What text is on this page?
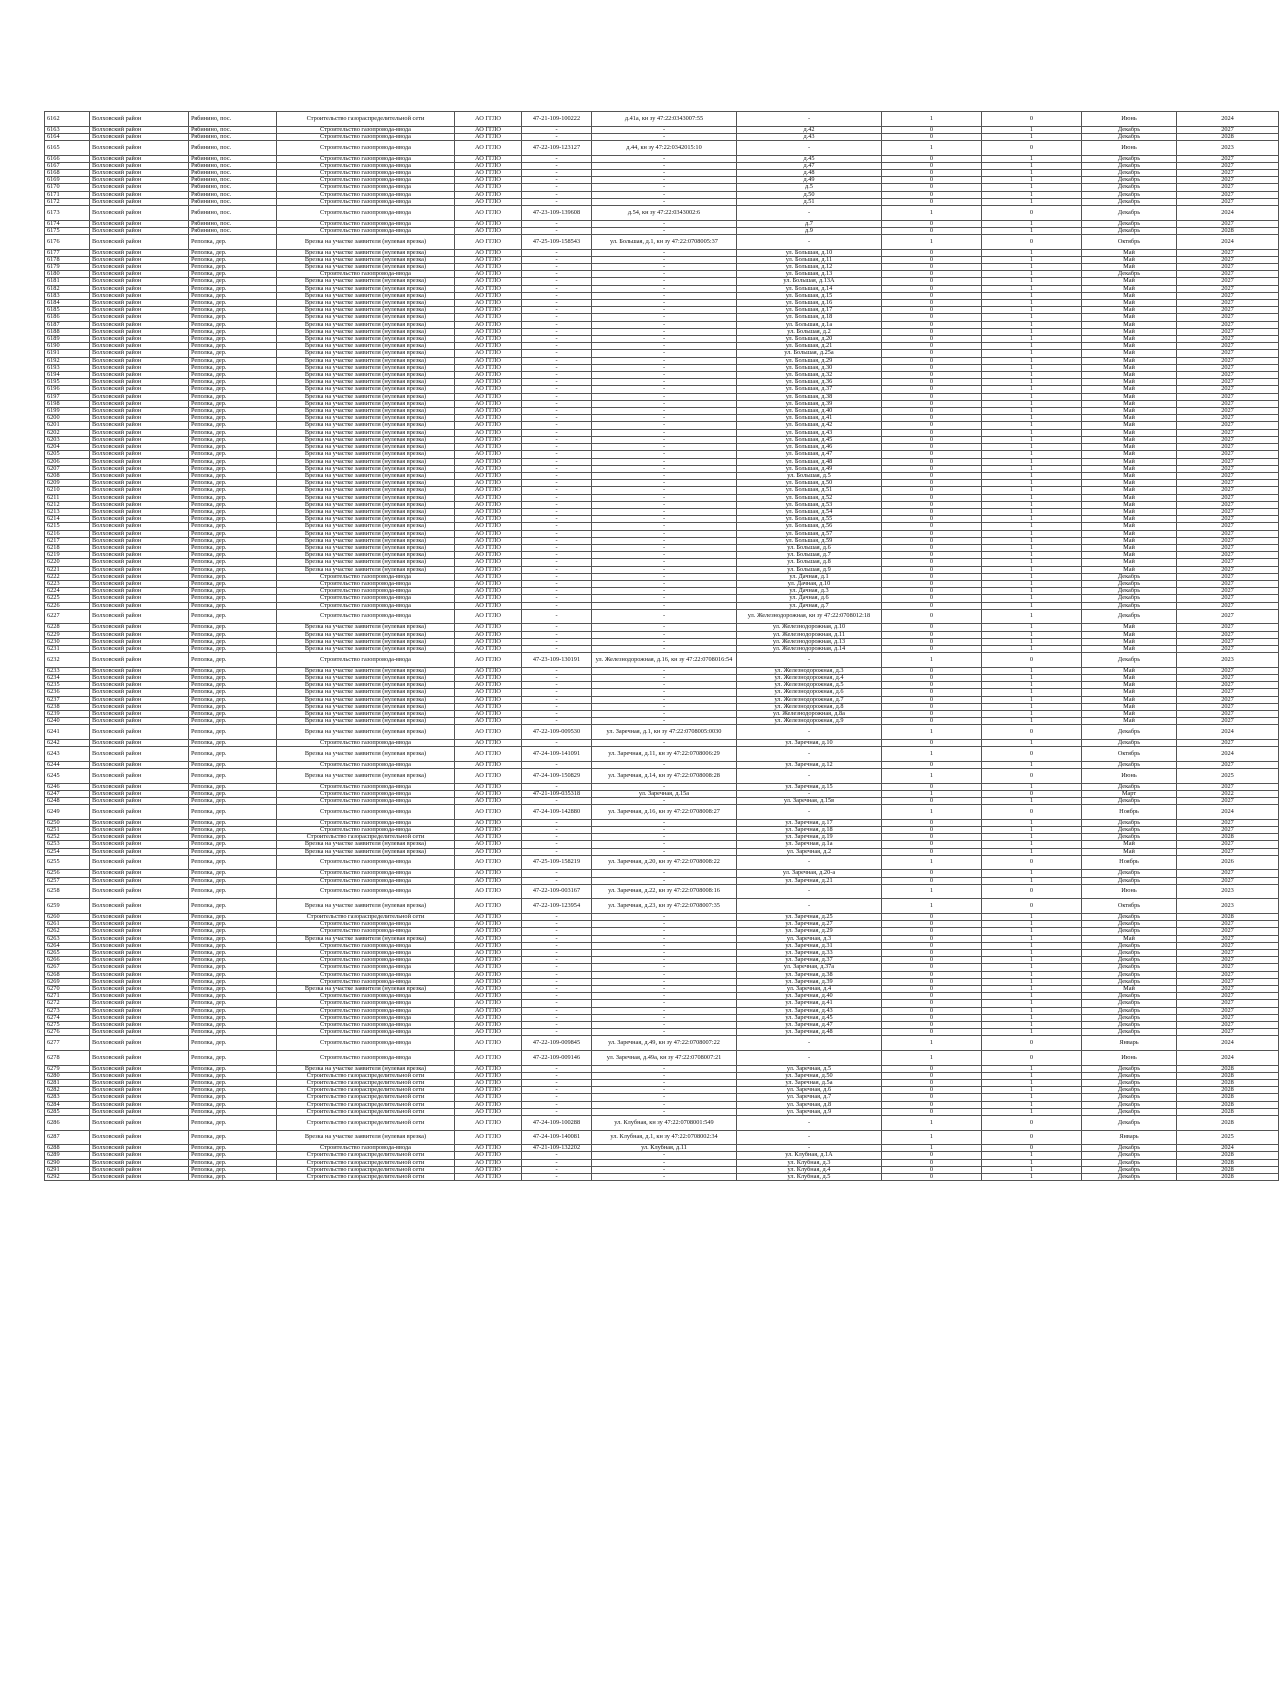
6162	Волховский район	Рябинино, пос.	Строительство газораспределительной сети	АО ГГЛО	47-21-109-100222	д.41а, кн зу 47:22:0343007:55	-	1	0	Июнь	2024
6163	Волховский район	Рябинино, пос.	Строительство газопровода-ввода	АО ГГЛО	-	-	д.42	0	1	Декабрь	2027
6164	Волховский район	Рябинино, пос.	Строительство газопровода-ввода	АО ГГЛО	-	-	д.43	0	1	Декабрь	2028
6165	Волховский район	Рябинино, пос.	Строительство газопровода-ввода	АО ГГЛО	47-22-109-123127	д.44, кн зу 47:22:0342015:10	-	1	0	Июнь	2023
6166	Волховский район	Рябинино, пос.	Строительство газопровода-ввода	АО ГГЛО	-	-	д.45	0	1	Декабрь	2027
6167	Волховский район	Рябинино, пос.	Строительство газопровода-ввода	АО ГГЛО	-	-	д.47	0	1	Декабрь	2027
6168	Волховский район	Рябинино, пос.	Строительство газопровода-ввода	АО ГГЛО	-	-	д.48	0	1	Декабрь	2027
6169	Волховский район	Рябинино, пос.	Строительство газопровода-ввода	АО ГГЛО	-	-	д.49	0	1	Декабрь	2027
6170	Волховский район	Рябинино, пос.	Строительство газопровода-ввода	АО ГГЛО	-	-	д.5	0	1	Декабрь	2027
6171	Волховский район	Рябинино, пос.	Строительство газопровода-ввода	АО ГГЛО	-	-	д.50	0	1	Декабрь	2027
6172	Волховский район	Рябинино, пос.	Строительство газопровода-ввода	АО ГГЛО	-	-	д.51	0	1	Декабрь	2027
6173	Волховский район	Рябинино, пос.	Строительство газопровода-ввода	АО ГГЛО	47-23-109-139608	д.54, кн зу 47:22:0343002:6	-	1	0	Декабрь	2024
6174	Волховский район	Рябинино, пос.	Строительство газопровода-ввода	АО ГГЛО	-	-	д.7	0	1	Декабрь	2027
6175	Волховский район	Рябинино, пос.	Строительство газопровода-ввода	АО ГГЛО	-	-	д.9	0	1	Декабрь	2028
6176	Волховский район	Реполка, дер.	Врезка на участке заявителя (нулевая врезка)	АО ГГЛО	47-25-109-158543	ул. Большая, д.1, кн зу 47:22:0708005:37	-	1	0	Октябрь	2024
6177	Волховский район	Реполка, дер.	Врезка на участке заявителя (нулевая врезка)	АО ГГЛО	-	-	ул. Большая, д.10	0	1	Май	2027
6178	Волховский район	Реполка, дер.	Врезка на участке заявителя (нулевая врезка)	АО ГГЛО	-	-	ул. Большая, д.11	0	1	Май	2027
6179	Волховский район	Реполка, дер.	Врезка на участке заявителя (нулевая врезка)	АО ГГЛО	-	-	ул. Большая, д.12	0	1	Май	2027
6180	Волховский район	Реполка, дер.	Строительство газопровода-ввода	АО ГГЛО	-	-	ул. Большая, д.13	0	1	Декабрь	2027
6181	Волховский район	Реполка, дер.	Врезка на участке заявителя (нулевая врезка)	АО ГГЛО	-	-	ул. Большая, д.13А	0	1	Май	2027
6182	Волховский район	Реполка, дер.	Врезка на участке заявителя (нулевая врезка)	АО ГГЛО	-	-	ул. Большая, д.14	0	1	Май	2027
6183	Волховский район	Реполка, дер.	Врезка на участке заявителя (нулевая врезка)	АО ГГЛО	-	-	ул. Большая, д.15	0	1	Май	2027
6184	Волховский район	Реполка, дер.	Врезка на участке заявителя (нулевая врезка)	АО ГГЛО	-	-	ул. Большая, д.16	0	1	Май	2027
6185	Волховский район	Реполка, дер.	Врезка на участке заявителя (нулевая врезка)	АО ГГЛО	-	-	ул. Большая, д.17	0	1	Май	2027
6186	Волховский район	Реполка, дер.	Врезка на участке заявителя (нулевая врезка)	АО ГГЛО	-	-	ул. Большая, д.18	0	1	Май	2027
6187	Волховский район	Реполка, дер.	Врезка на участке заявителя (нулевая врезка)	АО ГГЛО	-	-	ул. Большая, д.1а	0	1	Май	2027
6188	Волховский район	Реполка, дер.	Врезка на участке заявителя (нулевая врезка)	АО ГГЛО	-	-	ул. Большая, д.2	0	1	Май	2027
6189	Волховский район	Реполка, дер.	Врезка на участке заявителя (нулевая врезка)	АО ГГЛО	-	-	ул. Большая, д.20	0	1	Май	2027
6190	Волховский район	Реполка, дер.	Врезка на участке заявителя (нулевая врезка)	АО ГГЛО	-	-	ул. Большая, д.21	0	1	Май	2027
6191	Волховский район	Реполка, дер.	Врезка на участке заявителя (нулевая врезка)	АО ГГЛО	-	-	ул. Большая, д.25а	0	1	Май	2027
6192	Волховский район	Реполка, дер.	Врезка на участке заявителя (нулевая врезка)	АО ГГЛО	-	-	ул. Большая, д.29	0	1	Май	2027
6193	Волховский район	Реполка, дер.	Врезка на участке заявителя (нулевая врезка)	АО ГГЛО	-	-	ул. Большая, д.30	0	1	Май	2027
6194	Волховский район	Реполка, дер.	Врезка на участке заявителя (нулевая врезка)	АО ГГЛО	-	-	ул. Большая, д.32	0	1	Май	2027
6195	Волховский район	Реполка, дер.	Врезка на участке заявителя (нулевая врезка)	АО ГГЛО	-	-	ул. Большая, д.36	0	1	Май	2027
6196	Волховский район	Реполка, дер.	Врезка на участке заявителя (нулевая врезка)	АО ГГЛО	-	-	ул. Большая, д.37	0	1	Май	2027
6197	Волховский район	Реполка, дер.	Врезка на участке заявителя (нулевая врезка)	АО ГГЛО	-	-	ул. Большая, д.38	0	1	Май	2027
6198	Волховский район	Реполка, дер.	Врезка на участке заявителя (нулевая врезка)	АО ГГЛО	-	-	ул. Большая, д.39	0	1	Май	2027
6199	Волховский район	Реполка, дер.	Врезка на участке заявителя (нулевая врезка)	АО ГГЛО	-	-	ул. Большая, д.40	0	1	Май	2027
6200	Волховский район	Реполка, дер.	Врезка на участке заявителя (нулевая врезка)	АО ГГЛО	-	-	ул. Большая, д.41	0	1	Май	2027
6201	Волховский район	Реполка, дер.	Врезка на участке заявителя (нулевая врезка)	АО ГГЛО	-	-	ул. Большая, д.42	0	1	Май	2027
6202	Волховский район	Реполка, дер.	Врезка на участке заявителя (нулевая врезка)	АО ГГЛО	-	-	ул. Большая, д.43	0	1	Май	2027
6203	Волховский район	Реполка, дер.	Врезка на участке заявителя (нулевая врезка)	АО ГГЛО	-	-	ул. Большая, д.45	0	1	Май	2027
6204	Волховский район	Реполка, дер.	Врезка на участке заявителя (нулевая врезка)	АО ГГЛО	-	-	ул. Большая, д.46	0	1	Май	2027
6205	Волховский район	Реполка, дер.	Врезка на участке заявителя (нулевая врезка)	АО ГГЛО	-	-	ул. Большая, д.47	0	1	Май	2027
6206	Волховский район	Реполка, дер.	Врезка на участке заявителя (нулевая врезка)	АО ГГЛО	-	-	ул. Большая, д.48	0	1	Май	2027
6207	Волховский район	Реполка, дер.	Врезка на участке заявителя (нулевая врезка)	АО ГГЛО	-	-	ул. Большая, д.49	0	1	Май	2027
6208	Волховский район	Реполка, дер.	Врезка на участке заявителя (нулевая врезка)	АО ГГЛО	-	-	ул. Большая, д.5	0	1	Май	2027
6209	Волховский район	Реполка, дер.	Врезка на участке заявителя (нулевая врезка)	АО ГГЛО	-	-	ул. Большая, д.50	0	1	Май	2027
6210	Волховский район	Реполка, дер.	Врезка на участке заявителя (нулевая врезка)	АО ГГЛО	-	-	ул. Большая, д.51	0	1	Май	2027
6211	Волховский район	Реполка, дер.	Врезка на участке заявителя (нулевая врезка)	АО ГГЛО	-	-	ул. Большая, д.52	0	1	Май	2027
6212	Волховский район	Реполка, дер.	Врезка на участке заявителя (нулевая врезка)	АО ГГЛО	-	-	ул. Большая, д.53	0	1	Май	2027
6213	Волховский район	Реполка, дер.	Врезка на участке заявителя (нулевая врезка)	АО ГГЛО	-	-	ул. Большая, д.54	0	1	Май	2027
6214	Волховский район	Реполка, дер.	Врезка на участке заявителя (нулевая врезка)	АО ГГЛО	-	-	ул. Большая, д.55	0	1	Май	2027
6215	Волховский район	Реполка, дер.	Врезка на участке заявителя (нулевая врезка)	АО ГГЛО	-	-	ул. Большая, д.56	0	1	Май	2027
6216	Волховский район	Реполка, дер.	Врезка на участке заявителя (нулевая врезка)	АО ГГЛО	-	-	ул. Большая, д.57	0	1	Май	2027
6217	Волховский район	Реполка, дер.	Врезка на участке заявителя (нулевая врезка)	АО ГГЛО	-	-	ул. Большая, д.59	0	1	Май	2027
6218	Волховский район	Реполка, дер.	Врезка на участке заявителя (нулевая врезка)	АО ГГЛО	-	-	ул. Большая, д.6	0	1	Май	2027
6219	Волховский район	Реполка, дер.	Врезка на участке заявителя (нулевая врезка)	АО ГГЛО	-	-	ул. Большая, д.7	0	1	Май	2027
6220	Волховский район	Реполка, дер.	Врезка на участке заявителя (нулевая врезка)	АО ГГЛО	-	-	ул. Большая, д.8	0	1	Май	2027
6221	Волховский район	Реполка, дер.	Врезка на участке заявителя (нулевая врезка)	АО ГГЛО	-	-	ул. Большая, д.9	0	1	Май	2027
6222	Волховский район	Реполка, дер.	Строительство газопровода-ввода	АО ГГЛО	-	-	ул. Дачная, д.1	0	1	Декабрь	2027
6223	Волховский район	Реполка, дер.	Строительство газопровода-ввода	АО ГГЛО	-	-	ул. Дачная, д.10	0	1	Декабрь	2027
6224	Волховский район	Реполка, дер.	Строительство газопровода-ввода	АО ГГЛО	-	-	ул. Дачная, д.3	0	1	Декабрь	2027
6225	Волховский район	Реполка, дер.	Строительство газопровода-ввода	АО ГГЛО	-	-	ул. Дачная, д.6	0	1	Декабрь	2027
6226	Волховский район	Реполка, дер.	Строительство газопровода-ввода	АО ГГЛО	-	-	ул. Дачная, д.7	0	1	Декабрь	2027
6227	Волховский район	Реполка, дер.	Строительство газопровода-ввода	АО ГГЛО	-	-	ул. Железнодорожная, кн зу 47:22:0708012:18	0	1	Декабрь	2027
6228	Волховский район	Реполка, дер.	Врезка на участке заявителя (нулевая врезка)	АО ГГЛО	-	-	ул. Железнодорожная, д.10	0	1	Май	2027
6229	Волховский район	Реполка, дер.	Врезка на участке заявителя (нулевая врезка)	АО ГГЛО	-	-	ул. Железнодорожная, д.11	0	1	Май	2027
6230	Волховский район	Реполка, дер.	Врезка на участке заявителя (нулевая врезка)	АО ГГЛО	-	-	ул. Железнодорожная, д.13	0	1	Май	2027
6231	Волховский район	Реполка, дер.	Врезка на участке заявителя (нулевая врезка)	АО ГГЛО	-	-	ул. Железнодорожная, д.14	0	1	Май	2027
6232	Волховский район	Реполка, дер.	Строительство газопровода-ввода	АО ГГЛО	47-23-109-130191	ул. Железнодорожная, д.16, кн зу 47:22:0708016:54	-	1	0	Декабрь	2023
6233	Волховский район	Реполка, дер.	Врезка на участке заявителя (нулевая врезка)	АО ГГЛО	-	-	ул. Железнодорожная, д.3	0	1	Май	2027
6234	Волховский район	Реполка, дер.	Врезка на участке заявителя (нулевая врезка)	АО ГГЛО	-	-	ул. Железнодорожная, д.4	0	1	Май	2027
6235	Волховский район	Реполка, дер.	Врезка на участке заявителя (нулевая врезка)	АО ГГЛО	-	-	ул. Железнодорожная, д.5	0	1	Май	2027
6236	Волховский район	Реполка, дер.	Врезка на участке заявителя (нулевая врезка)	АО ГГЛО	-	-	ул. Железнодорожная, д.6	0	1	Май	2027
6237	Волховский район	Реполка, дер.	Врезка на участке заявителя (нулевая врезка)	АО ГГЛО	-	-	ул. Железнодорожная, д.7	0	1	Май	2027
6238	Волховский район	Реполка, дер.	Врезка на участке заявителя (нулевая врезка)	АО ГГЛО	-	-	ул. Железнодорожная, д.8	0	1	Май	2027
6239	Волховский район	Реполка, дер.	Врезка на участке заявителя (нулевая врезка)	АО ГГЛО	-	-	ул. Железнодорожная, д.8а	0	1	Май	2027
6240	Волховский район	Реполка, дер.	Врезка на участке заявителя (нулевая врезка)	АО ГГЛО	-	-	ул. Железнодорожная, д.9	0	1	Май	2027
6241	Волховский район	Реполка, дер.	Врезка на участке заявителя (нулевая врезка)	АО ГГЛО	47-22-109-009530	ул. Заречная, д.1, кн зу 47:22:0708005:0030	-	1	0	Декабрь	2024
6242	Волховский район	Реполка, дер.	Строительство газопровода-ввода	АО ГГЛО	-	-	ул. Заречная, д.10	0	1	Декабрь	2027
6243	Волховский район	Реполка, дер.	Врезка на участке заявителя (нулевая врезка)	АО ГГЛО	47-24-109-141091	ул. Заречная, д.11, кн зу 47:22:0708006:29	-	1	0	Октябрь	2024
6244	Волховский район	Реполка, дер.	Строительство газопровода-ввода	АО ГГЛО	-	-	ул. Заречная, д.12	0	1	Декабрь	2027
6245	Волховский район	Реполка, дер.	Врезка на участке заявителя (нулевая врезка)	АО ГГЛО	47-24-109-150829	ул. Заречная, д.14, кн зу 47:22:0708008:28	-	1	0	Июнь	2025
6246	Волховский район	Реполка, дер.	Строительство газопровода-ввода	АО ГГЛО	-	-	ул. Заречная, д.15	0	1	Декабрь	2027
6247	Волховский район	Реполка, дер.	Строительство газопровода-ввода	АО ГГЛО	47-21-109-035318	ул. Заречная, д.15а	-	1	0	Март	2022
6248	Волховский район	Реполка, дер.	Строительство газопровода-ввода	АО ГГЛО	-	-	ул. Заречная, д.15в	0	1	Декабрь	2027
6249	Волховский район	Реполка, дер.	Строительство газопровода-ввода	АО ГГЛО	47-24-109-142880	ул. Заречная, д.16, кн зу 47:22:0708008:27	-	1	0	Ноябрь	2024
6250	Волховский район	Реполка, дер.	Строительство газопровода-ввода	АО ГГЛО	-	-	ул. Заречная, д.17	0	1	Декабрь	2027
6251	Волховский район	Реполка, дер.	Строительство газопровода-ввода	АО ГГЛО	-	-	ул. Заречная, д.18	0	1	Декабрь	2027
6252	Волховский район	Реполка, дер.	Строительство газораспределительной сети	АО ГГЛО	-	-	ул. Заречная, д.19	0	1	Декабрь	2028
6253	Волховский район	Реполка, дер.	Врезка на участке заявителя (нулевая врезка)	АО ГГЛО	-	-	ул. Заречная, д.1а	0	1	Май	2027
6254	Волховский район	Реполка, дер.	Врезка на участке заявителя (нулевая врезка)	АО ГГЛО	-	-	ул. Заречная, д.2	0	1	Май	2027
6255	Волховский район	Реполка, дер.	Строительство газопровода-ввода	АО ГГЛО	47-25-109-158219	ул. Заречная, д.20, кн зу 47:22:0708008:22	-	1	0	Ноябрь	2026
6256	Волховский район	Реполка, дер.	Строительство газопровода-ввода	АО ГГЛО	-	-	ул. Заречная, д.20-а	0	1	Декабрь	2027
6257	Волховский район	Реполка, дер.	Строительство газопровода-ввода	АО ГГЛО	-	-	ул. Заречная, д.21	0	1	Декабрь	2027
6258	Волховский район	Реполка, дер.	Строительство газопровода-ввода	АО ГГЛО	47-22-109-003167	ул. Заречная, д.22, кн зу 47:22:0708008:16	-	1	0	Июнь	2023
6259	Волховский район	Реполка, дер.	Врезка на участке заявителя (нулевая врезка)	АО ГГЛО	47-22-109-123954	ул. Заречная, д.23, кн зу 47:22:0708007:35	-	1	0	Октябрь	2023
6260	Волховский район	Реполка, дер.	Строительство газораспределительной сети	АО ГГЛО	-	-	ул. Заречная, д.25	0	1	Декабрь	2028
6261	Волховский район	Реполка, дер.	Строительство газопровода-ввода	АО ГГЛО	-	-	ул. Заречная, д.27	0	1	Декабрь	2027
6262	Волховский район	Реполка, дер.	Строительство газопровода-ввода	АО ГГЛО	-	-	ул. Заречная, д.29	0	1	Декабрь	2027
6263	Волховский район	Реполка, дер.	Врезка на участке заявителя (нулевая врезка)	АО ГГЛО	-	-	ул. Заречная, д.3	0	1	Май	2027
6264	Волховский район	Реполка, дер.	Строительство газопровода-ввода	АО ГГЛО	-	-	ул. Заречная, д.31	0	1	Декабрь	2027
6265	Волховский район	Реполка, дер.	Строительство газопровода-ввода	АО ГГЛО	-	-	ул. Заречная, д.33	0	1	Декабрь	2027
6266	Волховский район	Реполка, дер.	Строительство газопровода-ввода	АО ГГЛО	-	-	ул. Заречная, д.37	0	1	Декабрь	2027
6267	Волховский район	Реполка, дер.	Строительство газопровода-ввода	АО ГГЛО	-	-	ул. Заречная, д.37а	0	1	Декабрь	2027
6268	Волховский район	Реполка, дер.	Строительство газопровода-ввода	АО ГГЛО	-	-	ул. Заречная, д.38	0	1	Декабрь	2027
6269	Волховский район	Реполка, дер.	Строительство газопровода-ввода	АО ГГЛО	-	-	ул. Заречная, д.39	0	1	Декабрь	2027
6270	Волховский район	Реполка, дер.	Врезка на участке заявителя (нулевая врезка)	АО ГГЛО	-	-	ул. Заречная, д.4	0	1	Май	2027
6271	Волховский район	Реполка, дер.	Строительство газопровода-ввода	АО ГГЛО	-	-	ул. Заречная, д.40	0	1	Декабрь	2027
6272	Волховский район	Реполка, дер.	Строительство газопровода-ввода	АО ГГЛО	-	-	ул. Заречная, д.41	0	1	Декабрь	2027
6273	Волховский район	Реполка, дер.	Строительство газопровода-ввода	АО ГГЛО	-	-	ул. Заречная, д.43	0	1	Декабрь	2027
6274	Волховский район	Реполка, дер.	Строительство газопровода-ввода	АО ГГЛО	-	-	ул. Заречная, д.45	0	1	Декабрь	2027
6275	Волховский район	Реполка, дер.	Строительство газопровода-ввода	АО ГГЛО	-	-	ул. Заречная, д.47	0	1	Декабрь	2027
6276	Волховский район	Реполка, дер.	Строительство газопровода-ввода	АО ГГЛО	-	-	ул. Заречная, д.48	0	1	Декабрь	2027
6277	Волховский район	Реполка, дер.	Строительство газопровода-ввода	АО ГГЛО	47-22-109-009845	ул. Заречная, д.49, кн зу 47:22:0708007:22	-	1	0	Январь	2024
6278	Волховский район	Реполка, дер.	Строительство газопровода-ввода	АО ГГЛО	47-22-109-009146	ул. Заречная, д.49а, кн зу 47:22:0708007:21	-	1	0	Июнь	2024
6279	Волховский район	Реполка, дер.	Врезка на участке заявителя (нулевая врезка)	АО ГГЛО	-	-	ул. Заречная, д.5	0	1	Декабрь	2028
6280	Волховский район	Реполка, дер.	Строительство газораспределительной сети	АО ГГЛО	-	-	ул. Заречная, д.50	0	1	Декабрь	2028
6281	Волховский район	Реполка, дер.	Строительство газораспределительной сети	АО ГГЛО	-	-	ул. Заречная, д.5а	0	1	Декабрь	2028
6282	Волховский район	Реполка, дер.	Строительство газораспределительной сети	АО ГГЛО	-	-	ул. Заречная, д.6	0	1	Декабрь	2028
6283	Волховский район	Реполка, дер.	Строительство газораспределительной сети	АО ГГЛО	-	-	ул. Заречная, д.7	0	1	Декабрь	2028
6284	Волховский район	Реполка, дер.	Строительство газораспределительной сети	АО ГГЛО	-	-	ул. Заречная, д.8	0	1	Декабрь	2028
6285	Волховский район	Реполка, дер.	Строительство газораспределительной сети	АО ГГЛО	-	-	ул. Заречная, д.9	0	1	Декабрь	2028
6286	Волховский район	Реполка, дер.	Строительство газораспределительной сети	АО ГГЛО	47-24-109-100288	ул. Клубная, кн зу 47:22:0708001:549	-	1	0	Декабрь	2028
6287	Волховский район	Реполка, дер.	Врезка на участке заявителя (нулевая врезка)	АО ГГЛО	47-24-109-140081	ул. Клубная, д.1, кн зу 47:22:0708002:34	-	1	0	Январь	2025
6288	Волховский район	Реполка, дер.	Строительство газопровода-ввода	АО ГГЛО	47-21-109-132202	ул. Клубная, д.11	-	1	0	Декабрь	2024
6289	Волховский район	Реполка, дер.	Строительство газораспределительной сети	АО ГГЛО	-	-	ул. Клубная, д.1А	0	1	Декабрь	2028
6290	Волховский район	Реполка, дер.	Строительство газораспределительной сети	АО ГГЛО	-	-	ул. Клубная, д.3	0	1	Декабрь	2028
6291	Волховский район	Реполка, дер.	Строительство газораспределительной сети	АО ГГЛО	-	-	ул. Клубная, д.4	0	1	Декабрь	2028
6292	Волховский район	Реполка, дер.	Строительство газораспределительной сети	АО ГГЛО	-	-	ул. Клубная, д.5	0	1	Декабрь	2028
